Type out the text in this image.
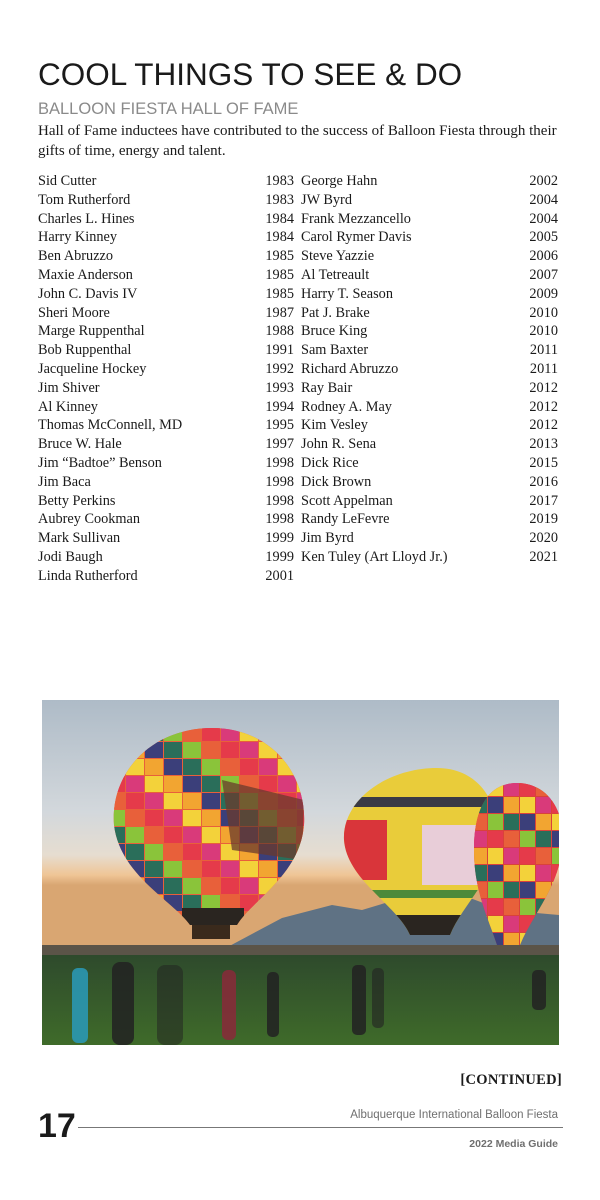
COOL THINGS TO SEE & DO
BALLOON FIESTA HALL OF FAME
Hall of Fame inductees have contributed to the success of Balloon Fiesta through their gifts of time, energy and talent.
Sid Cutter	1983
Tom Rutherford	1983
Charles L. Hines	1984
Harry Kinney	1984
Ben Abruzzo	1985
Maxie Anderson	1985
John C. Davis IV	1985
Sheri Moore	1987
Marge Ruppenthal	1988
Bob Ruppenthal	1991
Jacqueline Hockey	1992
Jim Shiver	1993
Al Kinney	1994
Thomas McConnell, MD	1995
Bruce W. Hale	1997
Jim “Badtoe” Benson	1998
Jim Baca	1998
Betty Perkins	1998
Aubrey Cookman	1998
Mark Sullivan	1999
Jodi Baugh	1999
Linda Rutherford	2001
George Hahn	2002
JW Byrd	2004
Frank Mezzancello	2004
Carol Rymer Davis	2005
Steve Yazzie	2006
Al Tetreault	2007
Harry T. Season	2009
Pat J. Brake	2010
Bruce King	2010
Sam Baxter	2011
Richard Abruzzo	2011
Ray Bair	2012
Rodney A. May	2012
Kim Vesley	2012
John R. Sena	2013
Dick Rice	2015
Dick Brown	2016
Scott Appelman	2017
Randy LeFevre	2019
Jim Byrd	2020
Ken Tuley (Art Lloyd Jr.)	2021
[CONTINUED]
17	Albuquerque International Balloon Fiesta
2022 Media Guide
